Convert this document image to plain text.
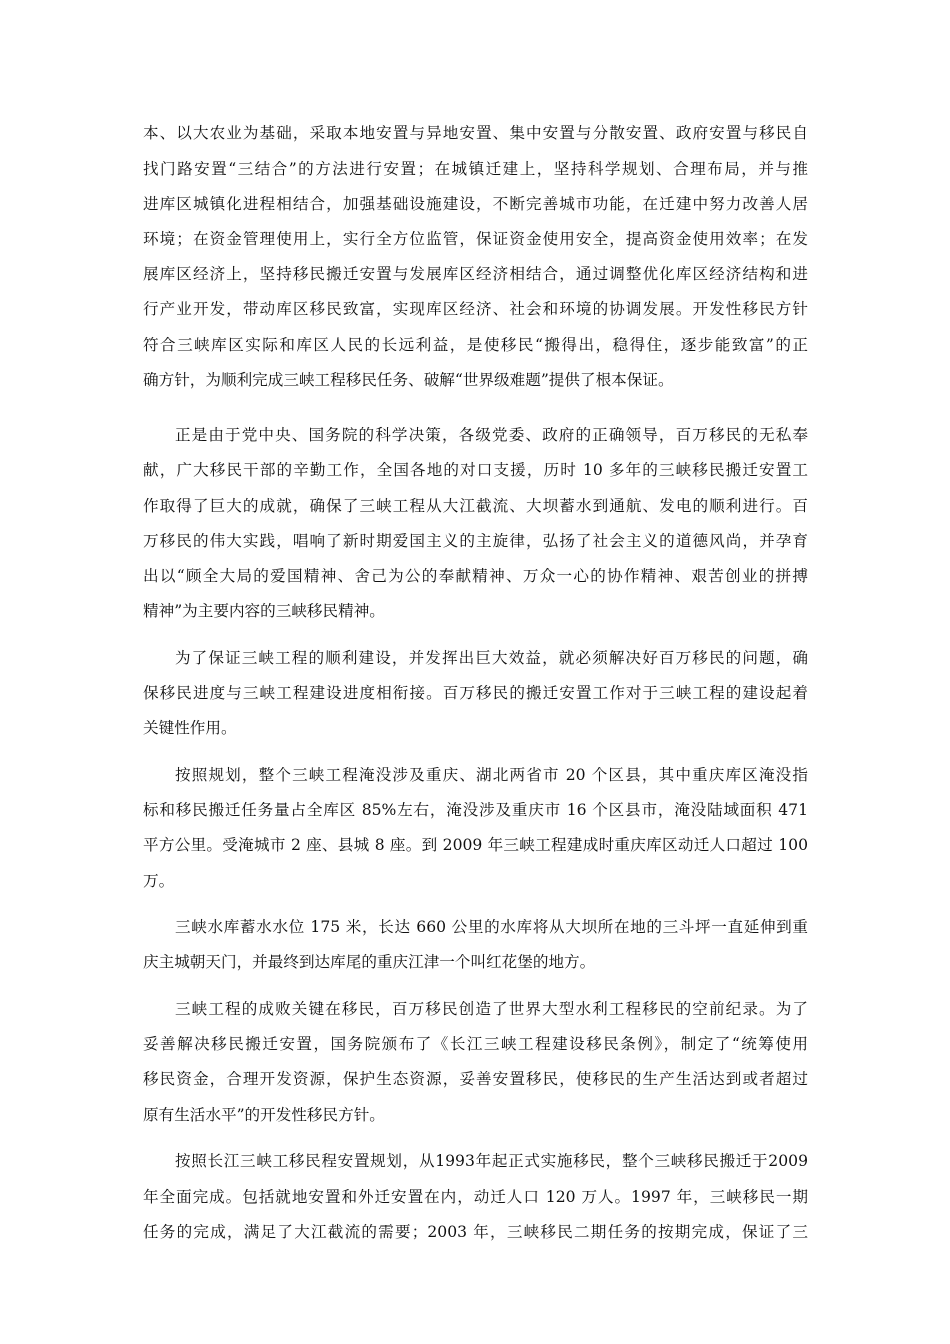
本、以大农业为基础，采取本地安置与异地安置、集中安置与分散安置、政府安置与移民自
找门路安置“三结合”的方法进行安置；在城镇迁建上，坚持科学规划、合理布局，并与推
进库区城镇化进程相结合，加强基础设施建设，不断完善城市功能，在迁建中努力改善人居
环境；在资金管理使用上，实行全方位监管，保证资金使用安全，提高资金使用效率；在发
展库区经济上，坚持移民搬迁安置与发展库区经济相结合，通过调整优化库区经济结构和进
行产业开发，带动库区移民致富，实现库区经济、社会和环境的协调发展。开发性移民方针
符合三峡库区实际和库区人民的长远利益，是使移民“搬得出，稳得住，逐步能致富”的正
确方针，为顺利完成三峡工程移民任务、破解“世界级难题”提供了根本保证。
正是由于党中央、国务院的科学决策，各级党委、政府的正确领导，百万移民的无私奉
献，广大移民干部的辛勤工作，全国各地的对口支援，历时 10 多年的三峡移民搬迁安置工
作取得了巨大的成就，确保了三峡工程从大江截流、大坝蓄水到通航、发电的顺利进行。百
万移民的伟大实践，唱响了新时期爱国主义的主旋律，弘扬了社会主义的道德风尚，并孕育
出以“顾全大局的爱国精神、舍己为公的奉献精神、万众一心的协作精神、艰苦创业的拼搏
精神”为主要内容的三峡移民精神。
为了保证三峡工程的顺利建设，并发挥出巨大效益，就必须解决好百万移民的问题，确
保移民进度与三峡工程建设进度相衔接。百万移民的搬迁安置工作对于三峡工程的建设起着
关键性作用。
按照规划，整个三峡工程淹没涉及重庆、湖北两省市 20 个区县，其中重庆库区淹没指
标和移民搬迁任务量占全库区 85%左右，淹没涉及重庆市 16 个区县市，淹没陆域面积 471
平方公里。受淹城市 2 座、县城 8 座。到 2009 年三峡工程建成时重庆库区动迁人口超过 100
万。
三峡水库蓄水水位 175 米，长达 660 公里的水库将从大坝所在地的三斗坪一直延伸到重
庆主城朝天门，并最终到达库尾的重庆江津一个叫红花堡的地方。
三峡工程的成败关键在移民，百万移民创造了世界大型水利工程移民的空前纪录。为了
妥善解决移民搬迁安置，国务院颁布了《长江三峡工程建设移民条例》，制定了“统筹使用
移民资金，合理开发资源，保护生态资源，妥善安置移民，使移民的生产生活达到或者超过
原有生活水平”的开发性移民方针。
按照长江三峡工移民程安置规划，从1993年起正式实施移民，整个三峡移民搬迁于2009
年全面完成。包括就地安置和外迁安置在内，动迁人口 120 万人。1997 年，三峡移民一期
任务的完成，满足了大江截流的需要；2003 年，三峡移民二期任务的按期完成，保证了三
